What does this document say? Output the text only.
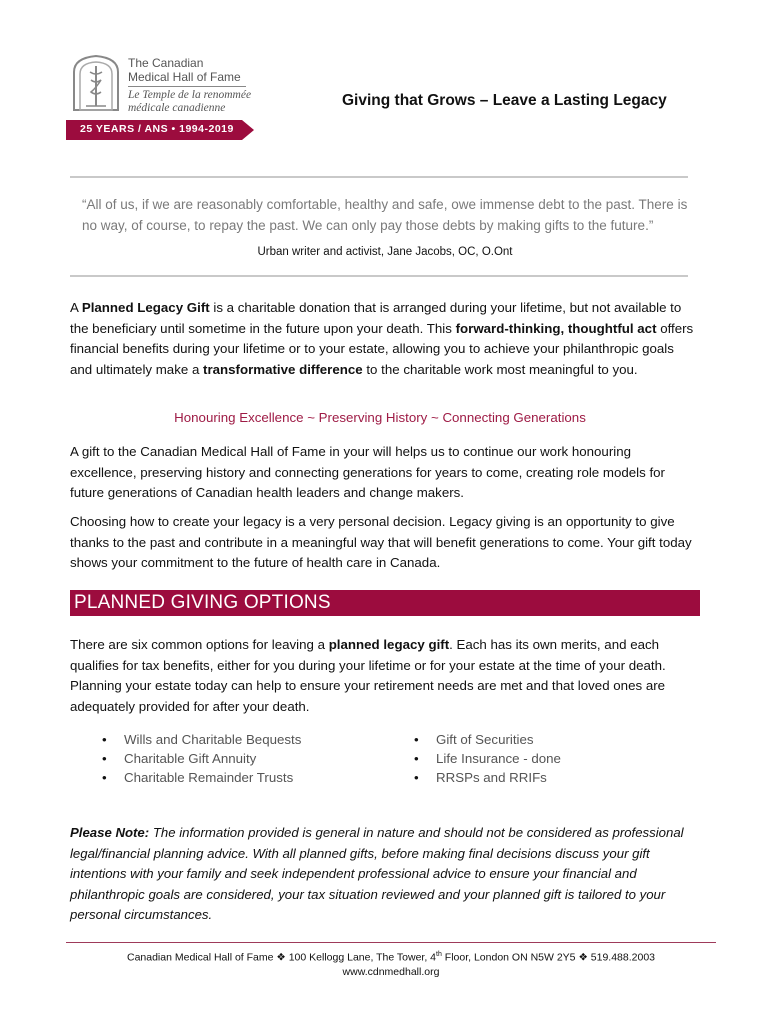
The Canadian
Medical Hall of Fame
Le Temple de la renommée
médicale canadienne
25 YEARS / ANS • 1994-2019
Giving that Grows – Leave a Lasting Legacy
“All of us, if we are reasonably comfortable, healthy and safe, owe immense debt to the past. There is no way, of course, to repay the past. We can only pay those debts by making gifts to the future.”
Urban writer and activist, Jane Jacobs, OC, O.Ont
A Planned Legacy Gift is a charitable donation that is arranged during your lifetime, but not available to the beneficiary until sometime in the future upon your death. This forward-thinking, thoughtful act offers financial benefits during your lifetime or to your estate, allowing you to achieve your philanthropic goals and ultimately make a transformative difference to the charitable work most meaningful to you.
Honouring Excellence ~ Preserving History ~ Connecting Generations
A gift to the Canadian Medical Hall of Fame in your will helps us to continue our work honouring excellence, preserving history and connecting generations for years to come, creating role models for future generations of Canadian health leaders and change makers.
Choosing how to create your legacy is a very personal decision. Legacy giving is an opportunity to give thanks to the past and contribute in a meaningful way that will benefit generations to come. Your gift today shows your commitment to the future of health care in Canada.
PLANNED GIVING OPTIONS
There are six common options for leaving a planned legacy gift. Each has its own merits, and each qualifies for tax benefits, either for you during your lifetime or for your estate at the time of your death. Planning your estate today can help to ensure your retirement needs are met and that loved ones are adequately provided for after your death.
• Wills and Charitable Bequests
• Charitable Gift Annuity
• Charitable Remainder Trusts
• Gift of Securities
• Life Insurance - done
• RRSPs and RRIFs
Please Note: The information provided is general in nature and should not be considered as professional legal/financial planning advice. With all planned gifts, before making final decisions discuss your gift intentions with your family and seek independent professional advice to ensure your financial and philanthropic goals are considered, your tax situation reviewed and your planned gift is tailored to your personal circumstances.
Canadian Medical Hall of Fame ❖ 100 Kellogg Lane, The Tower, 4th Floor, London ON N5W 2Y5 ❖ 519.488.2003
www.cdnmedhall.org
